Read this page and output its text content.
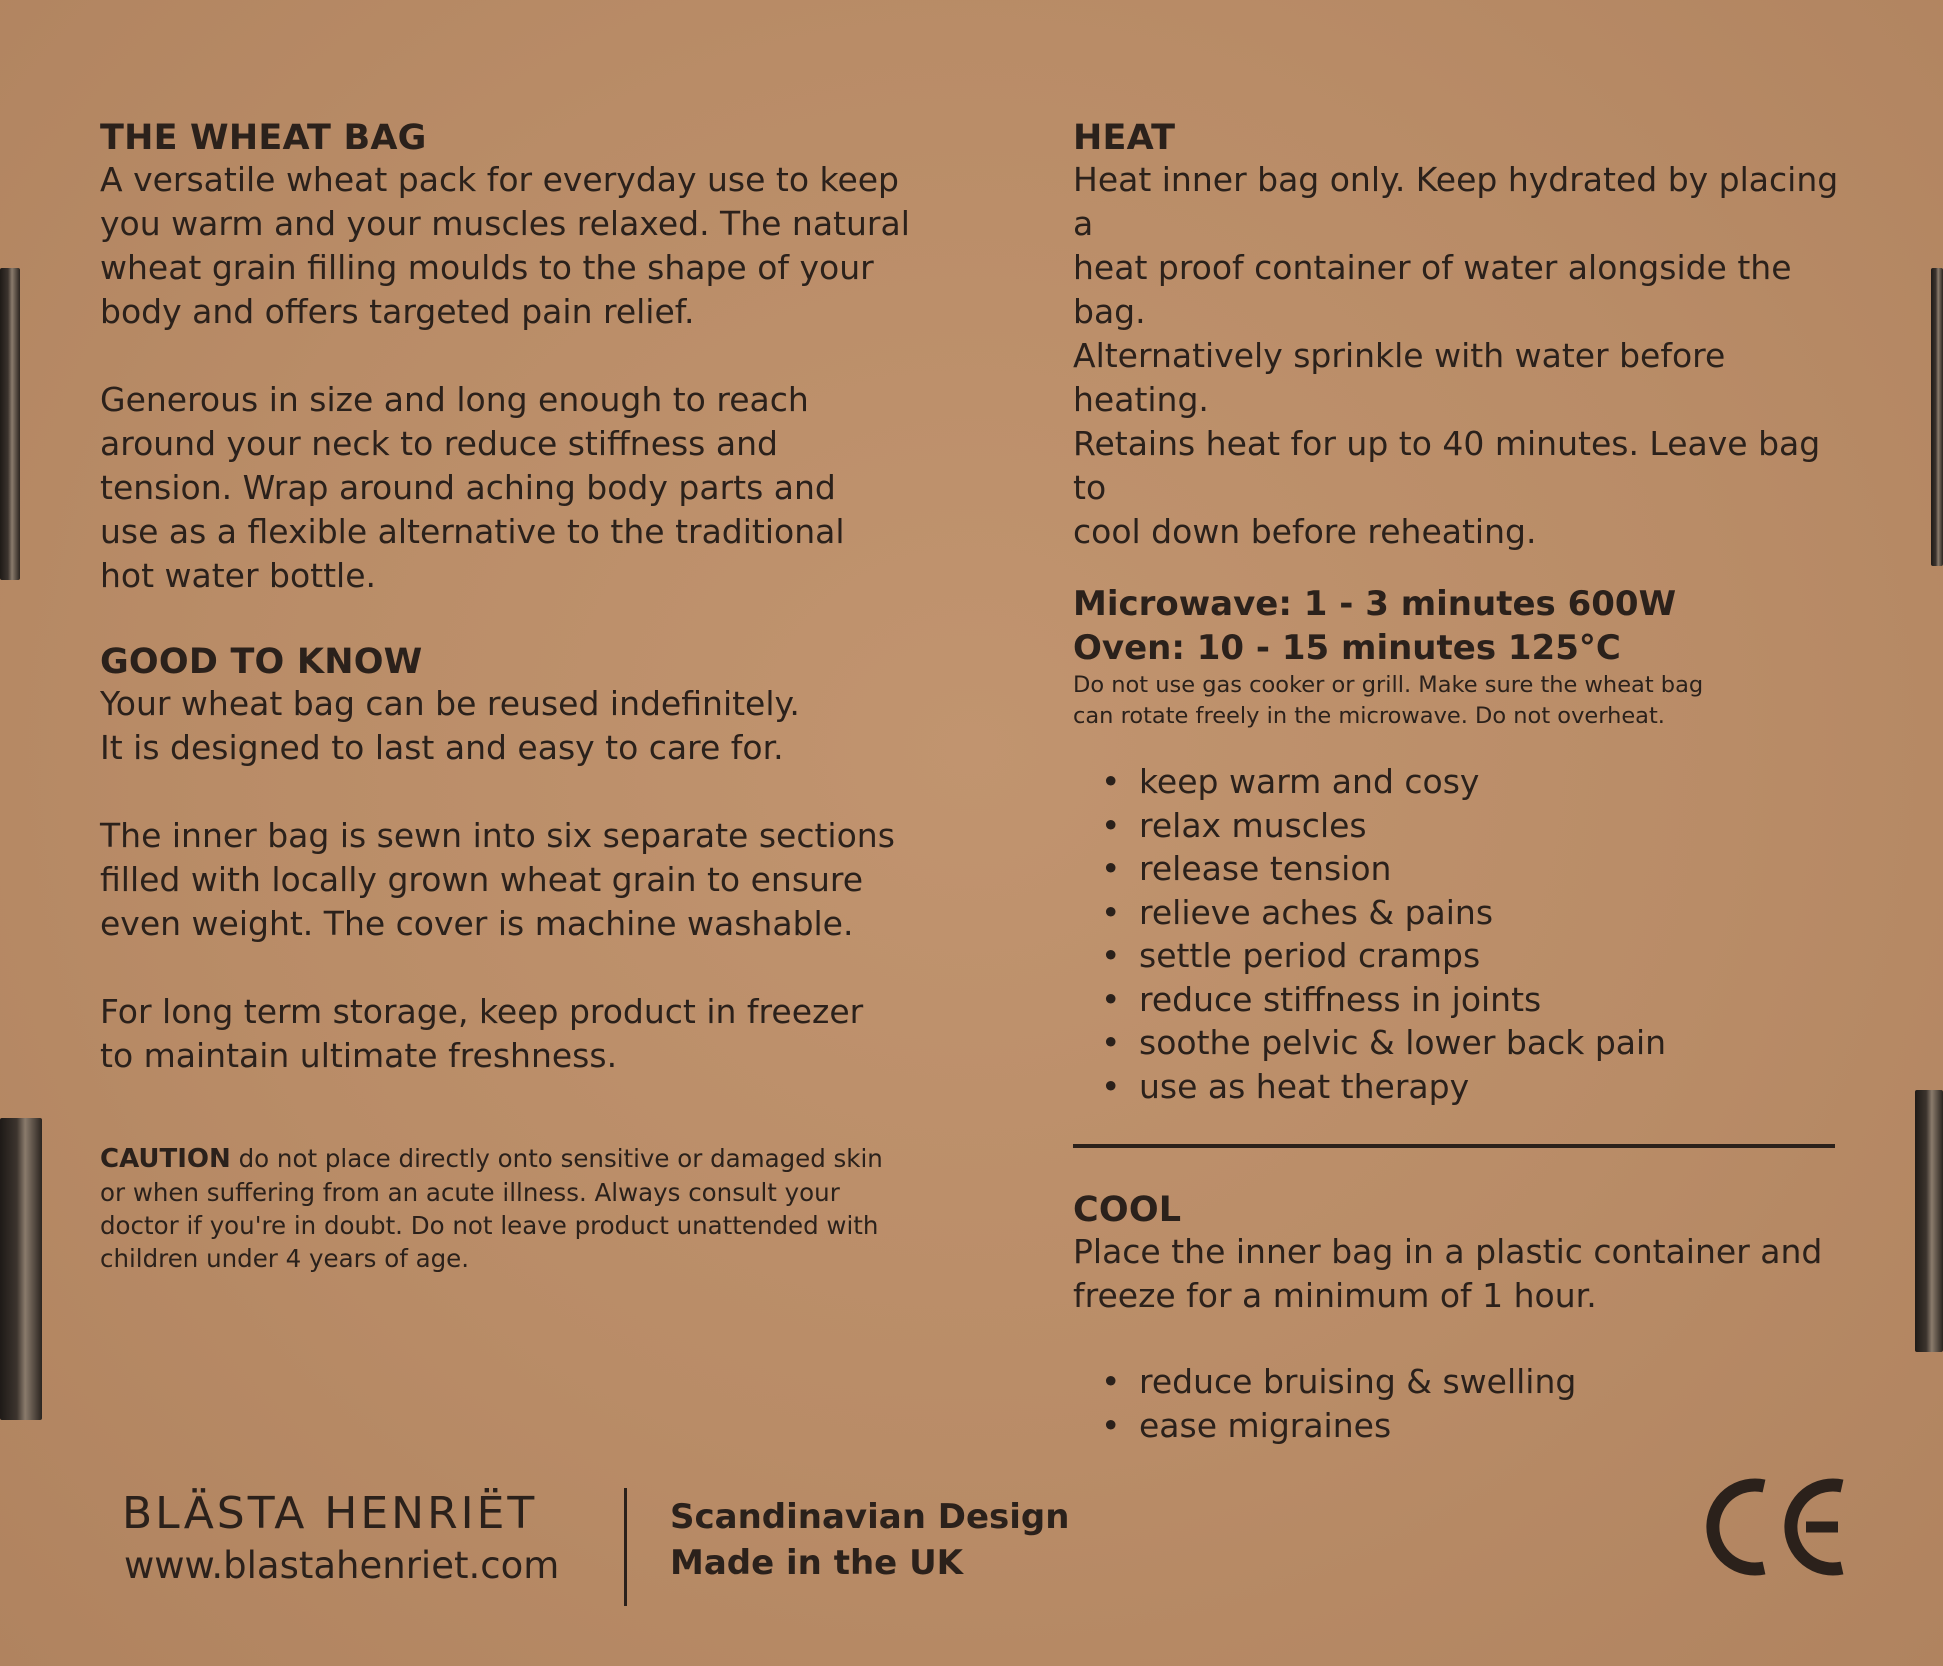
THE WHEAT BAG

A versatile wheat pack for everyday use to keep

you warm and your muscles relaxed. The natural

wheat grain filling moulds to the shape of your

body and offers targeted pain relief.

Generous in size and long enough to reach

around your neck to reduce stiffness and

tension. Wrap around aching body parts and

use as a flexible alternative to the traditional

hot water bottle.

GOOD TO KNOW

Your wheat bag can be reused indefinitely.

It is designed to last and easy to care for.

The inner bag is sewn into six separate sections

filled with locally grown wheat grain to ensure

even weight. The cover is machine washable.

For long term storage, keep product in freezer

to maintain ultimate freshness.

CAUTION do not place directly onto sensitive or damaged skin

or when suffering from an acute illness. Always consult your

doctor if you're in doubt. Do not leave product unattended with

children under 4 years of age.

HEAT

Heat inner bag only. Keep hydrated by placing a

heat proof container of water alongside the bag.

Alternatively sprinkle with water before heating.

Retains heat for up to 40 minutes. Leave bag to

cool down before reheating.

Microwave: 1 - 3 minutes 600W

Oven: 10 - 15 minutes 125°C

Do not use gas cooker or grill. Make sure the wheat bag

can rotate freely in the microwave. Do not overheat.

• keep warm and cosy
• relax muscles
• release tension
• relieve aches & pains
• settle period cramps
• reduce stiffness in joints
• soothe pelvic & lower back pain
• use as heat therapy
COOL

Place the inner bag in a plastic container and

freeze for a minimum of 1 hour.

• reduce bruising & swelling
• ease migraines
BLÄSTA HENRIËT
www.blastahenriet.com
Scandinavian Design
Made in the UK
